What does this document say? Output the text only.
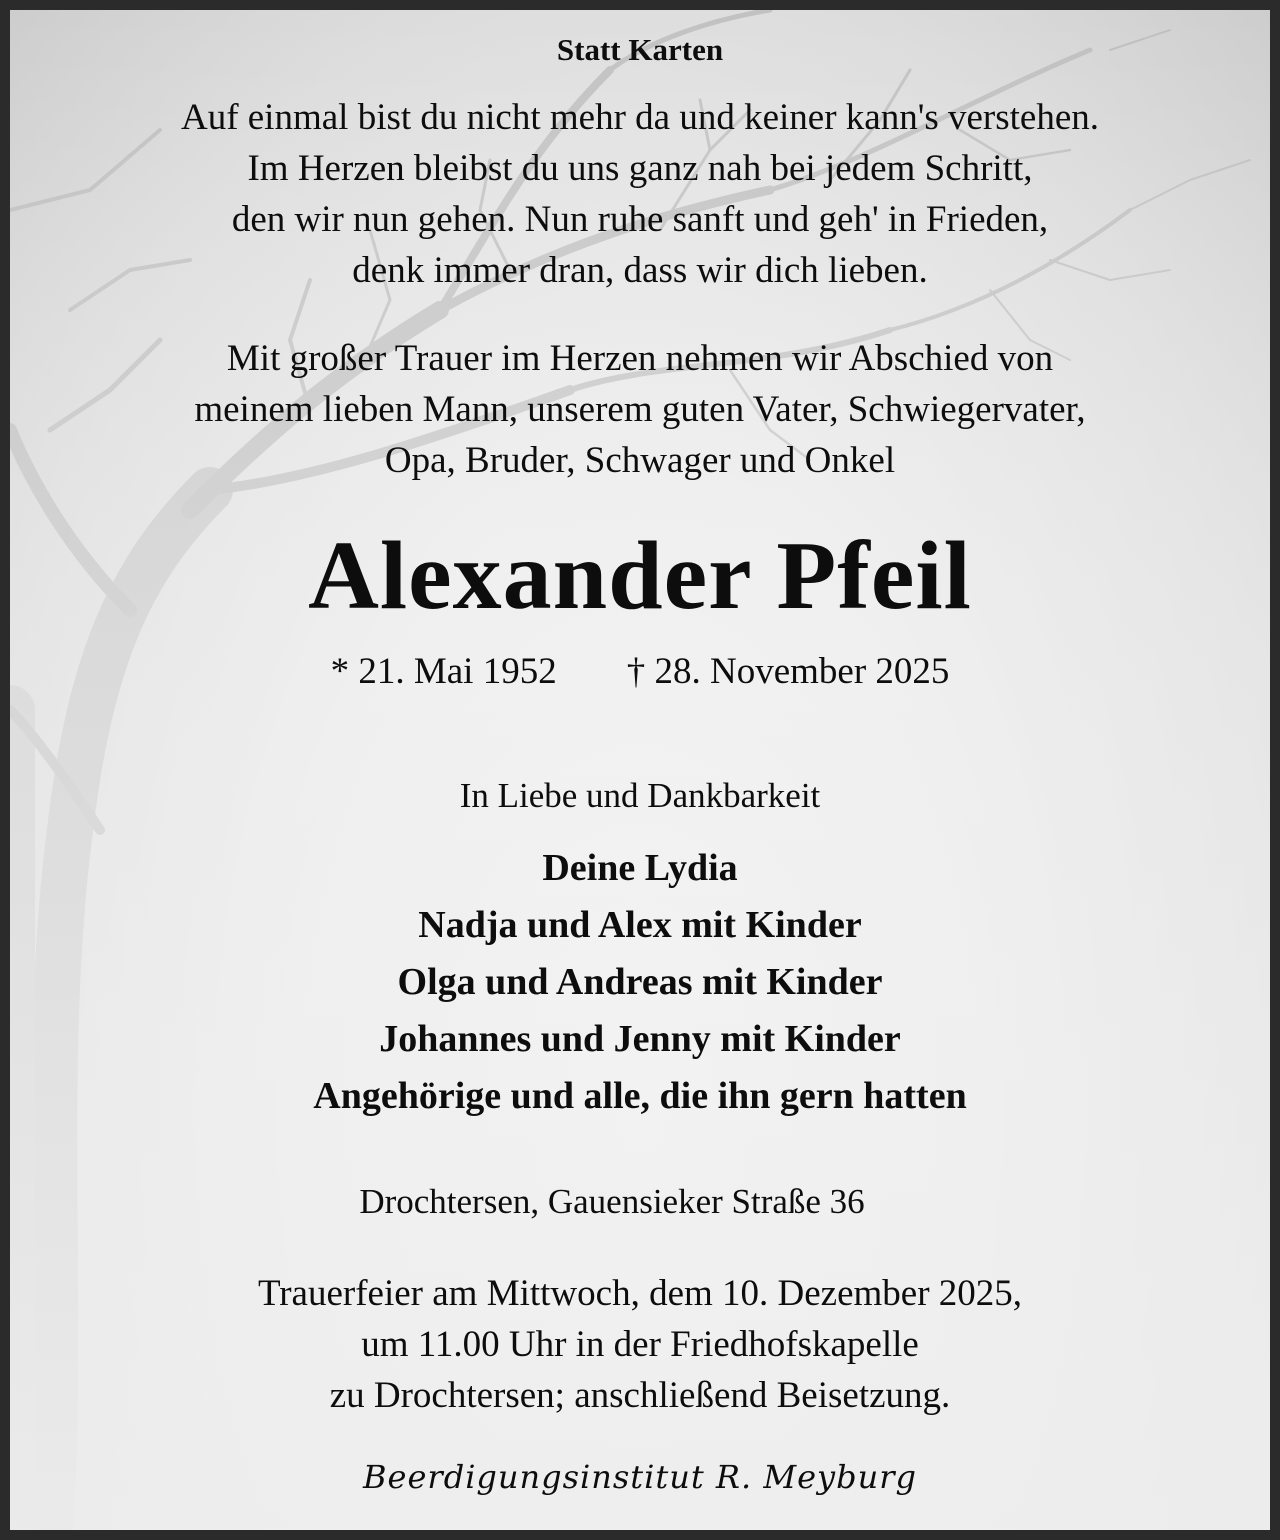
Statt Karten
Auf einmal bist du nicht mehr da und keiner kann's verstehen.
Im Herzen bleibst du uns ganz nah bei jedem Schritt,
den wir nun gehen. Nun ruhe sanft und geh' in Frieden,
denk immer dran, dass wir dich lieben.
Mit großer Trauer im Herzen nehmen wir Abschied von
meinem lieben Mann, unserem guten Vater, Schwiegervater,
Opa, Bruder, Schwager und Onkel
Alexander Pfeil
* 21. Mai 1952 † 28. November 2025
In Liebe und Dankbarkeit
Deine Lydia
Nadja und Alex mit Kinder
Olga und Andreas mit Kinder
Johannes und Jenny mit Kinder
Angehörige und alle, die ihn gern hatten
Drochtersen, Gauensieker Straße 36
Trauerfeier am Mittwoch, dem 10. Dezember 2025,
um 11.00 Uhr in der Friedhofskapelle
zu Drochtersen; anschließend Beisetzung.
Beerdigungsinstitut R. Meyburg
